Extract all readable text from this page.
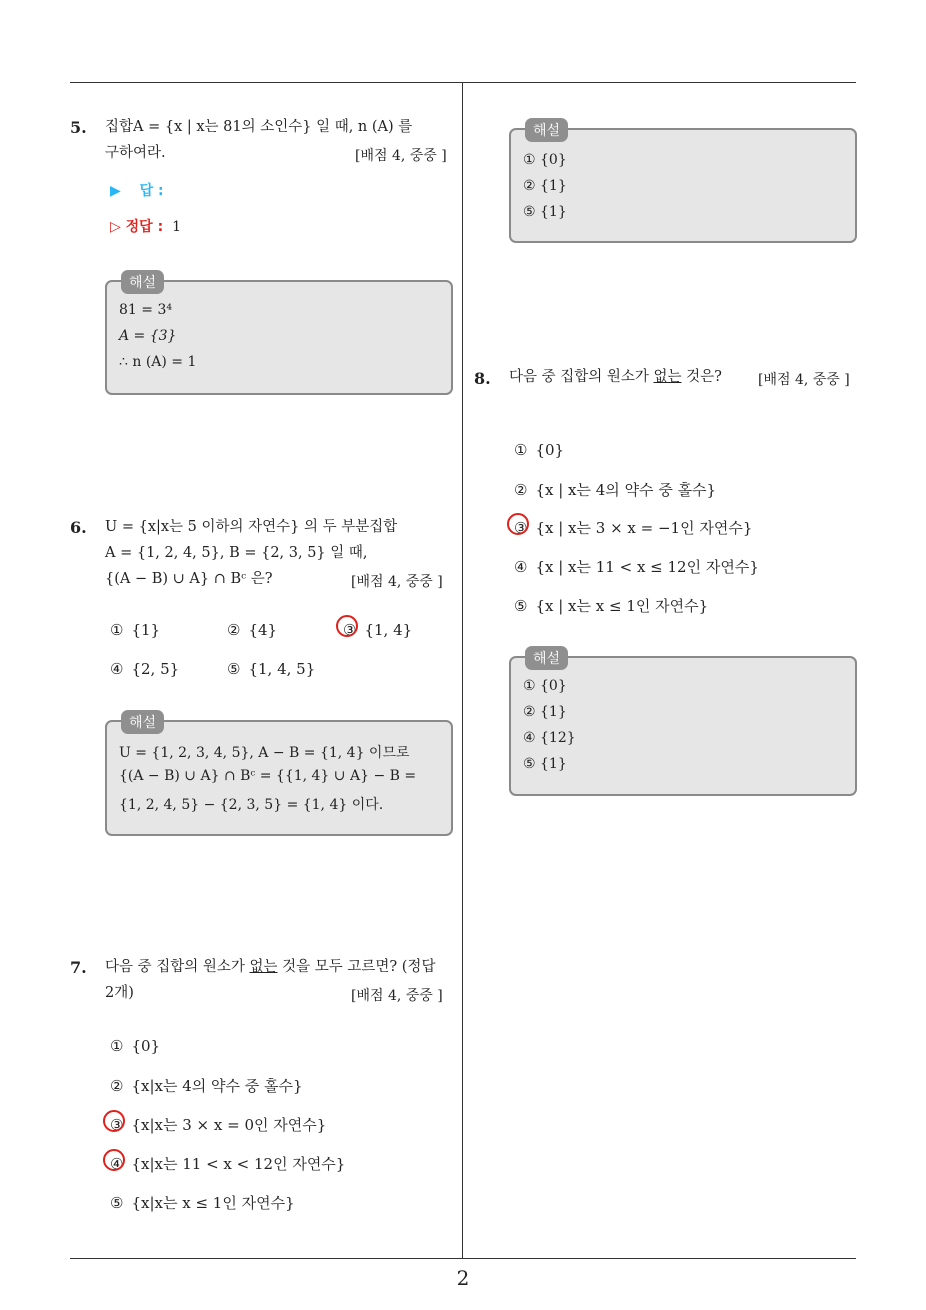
5. 집합A = {x | x는 81의 소인수} 일 때, n (A) 를
구하여라.	[배점 4, 중중 ]
▶ 답 :
▷ 정답 : 1
해설
81 = 3⁴
A = {3}
∴ n (A) = 1
6. U = {x|x는 5 이하의 자연수} 의 두 부분집합
A = {1, 2, 4, 5}, B = {2, 3, 5} 일 때,
{(A − B) ∪ A} ∩ Bᶜ 은?	[배점 4, 중중 ]
① {1}	② {4}	③ {1, 4}
④ {2, 5}	⑤ {1, 4, 5}
해설
U = {1, 2, 3, 4, 5}, A − B = {1, 4} 이므로
{(A − B) ∪ A} ∩ Bᶜ = {{1, 4} ∪ A} − B =
{1, 2, 4, 5} − {2, 3, 5} = {1, 4} 이다.
7. 다음 중 집합의 원소가 없는 것을 모두 고르면? (정답
2개)	[배점 4, 중중 ]
① {0}
② {x|x는 4의 약수 중 홀수}
③ {x|x는 3 × x = 0인 자연수}
④ {x|x는 11 < x < 12인 자연수}
⑤ {x|x는 x ≤ 1인 자연수}
해설
① {0}
② {1}
⑤ {1}
8. 다음 중 집합의 원소가 없는 것은?	[배점 4, 중중 ]
① {0}
② {x | x는 4의 약수 중 홀수}
③ {x | x는 3 × x = −1인 자연수}
④ {x | x는 11 < x ≤ 12인 자연수}
⑤ {x | x는 x ≤ 1인 자연수}
해설
① {0}
② {1}
④ {12}
⑤ {1}
2
